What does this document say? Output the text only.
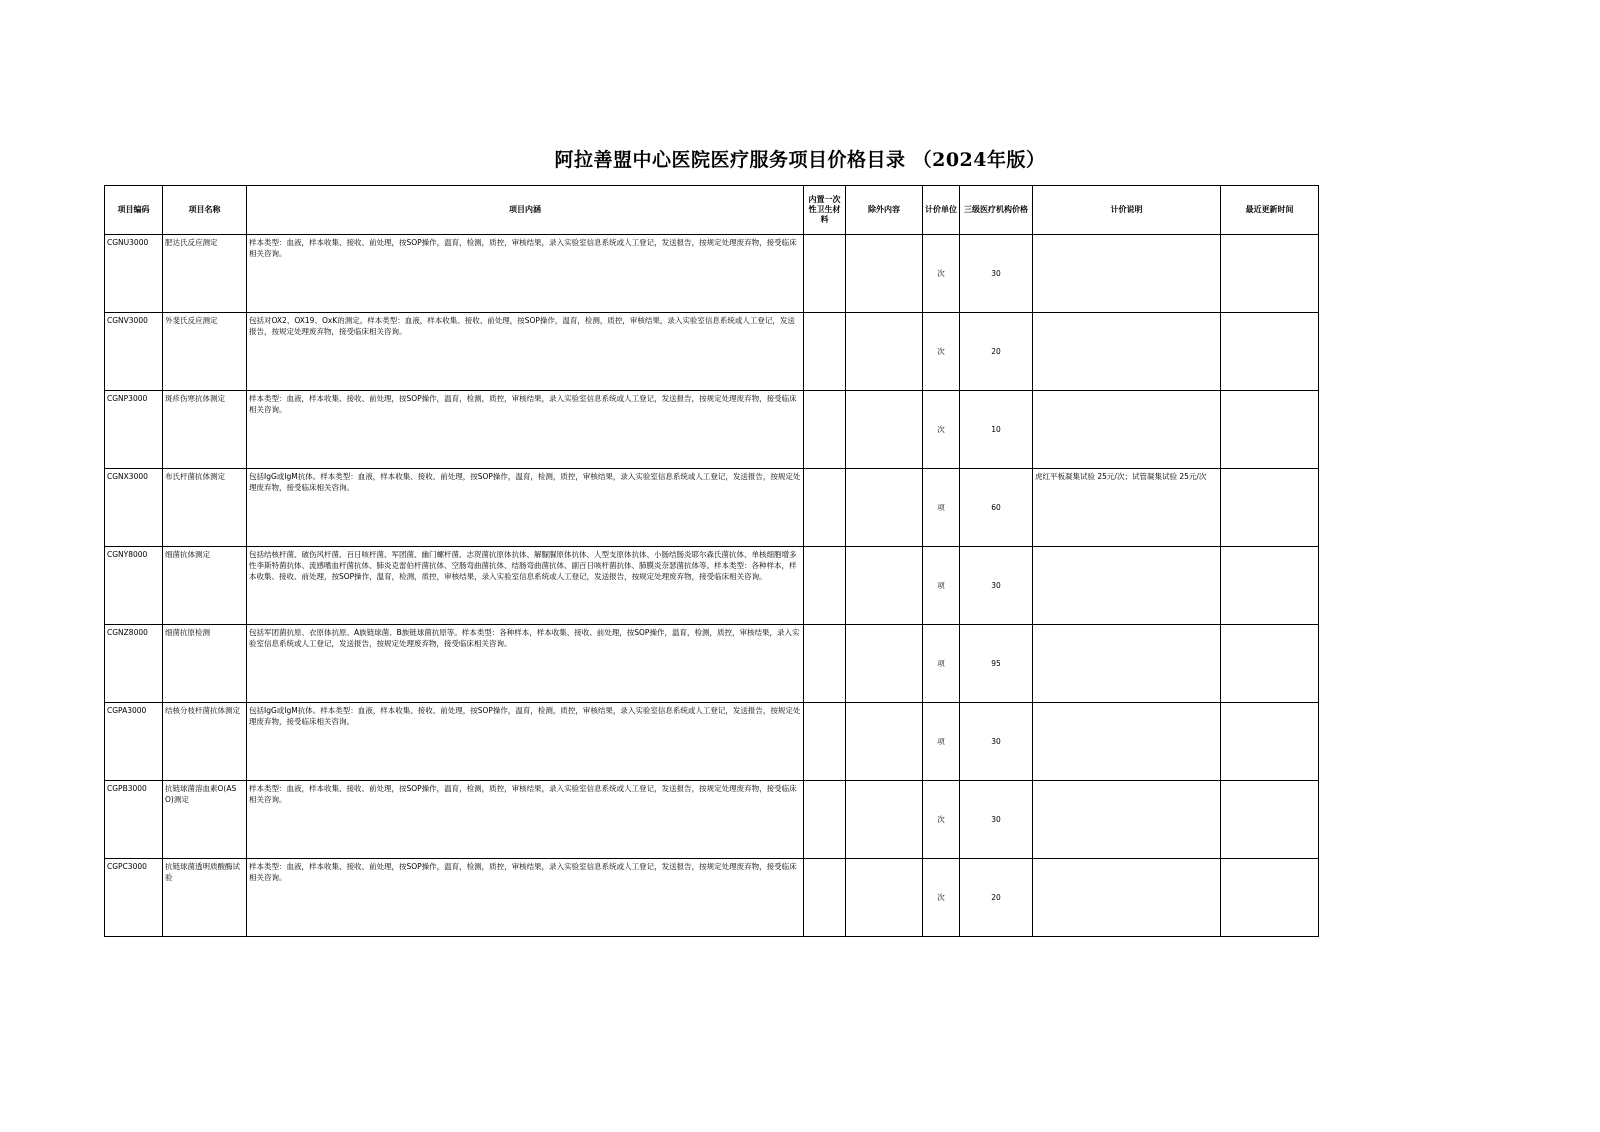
阿拉善盟中心医院医疗服务项目价格目录 （2024年版）
项目编码	项目名称	项目内涵	内置一次性卫生材料	除外内容	计价单位	三级医疗机构价格	计价说明	最近更新时间
CGNU3000	肥达氏反应测定	样本类型：血液，样本收集、接收、前处理，按SOP操作，温育，检测，质控，审核结果，录入实验室信息系统或人工登记，发送报告，按规定处理废弃物，接受临床相关咨询。			次	30		
CGNV3000	外斐氏反应测定	包括对OX2、OX19、OxK的测定。样本类型：血液，样本收集、接收、前处理，按SOP操作，温育，检测，质控，审核结果，录入实验室信息系统或人工登记，发送报告，按规定处理废弃物，接受临床相关咨询。			次	20		
CGNP3000	斑疹伤寒抗体测定	样本类型：血液，样本收集、接收、前处理，按SOP操作，温育，检测，质控，审核结果，录入实验室信息系统或人工登记，发送报告，按规定处理废弃物，接受临床相关咨询。			次	10		
CGNX3000	布氏杆菌抗体测定	包括IgG或IgM抗体。样本类型：血液，样本收集、接收、前处理，按SOP操作，温育，检测，质控，审核结果，录入实验室信息系统或人工登记，发送报告，按规定处理废弃物，接受临床相关咨询。			项	60	虎红平板凝集试验 25元/次；试管凝集试验 25元/次	
CGNY8000	细菌抗体测定	包括结核杆菌、破伤风杆菌、百日咳杆菌、军团菌、幽门螺杆菌、志贺菌抗原体抗体、解脲脲原体抗体、人型支原体抗体、小肠结肠炎耶尔森氏菌抗体、单核细胞增多性李斯特菌抗体、流感嗜血杆菌抗体、肺炎克雷伯杆菌抗体、空肠弯曲菌抗体、结肠弯曲菌抗体、副百日咳杆菌抗体、肺膜炎奈瑟菌抗体等。样本类型：各种样本，样本收集、接收、前处理，按SOP操作，温育，检测，质控，审核结果，录入实验室信息系统或人工登记，发送报告，按规定处理废弃物，接受临床相关咨询。			项	30		
CGNZ8000	细菌抗原检测	包括军团菌抗原、衣原体抗原、A族链球菌、B族链球菌抗原等。样本类型：各种样本，样本收集、接收、前处理，按SOP操作，温育，检测，质控，审核结果，录入实验室信息系统或人工登记，发送报告，按规定处理废弃物，接受临床相关咨询。			项	95		
CGPA3000	结核分枝杆菌抗体测定	包括IgG或IgM抗体。样本类型：血液，样本收集、接收、前处理，按SOP操作，温育，检测，质控，审核结果，录入实验室信息系统或人工登记，发送报告，按规定处理废弃物，接受临床相关咨询。			项	30		
CGPB3000	抗链球菌溶血素O(ASO)测定	样本类型：血液，样本收集、接收、前处理，按SOP操作，温育，检测，质控，审核结果，录入实验室信息系统或人工登记，发送报告，按规定处理废弃物，接受临床相关咨询。			次	30		
CGPC3000	抗链球菌透明质酸酶试验	样本类型：血液，样本收集、接收、前处理，按SOP操作，温育，检测，质控，审核结果，录入实验室信息系统或人工登记，发送报告，按规定处理废弃物，接受临床相关咨询。			次	20		
